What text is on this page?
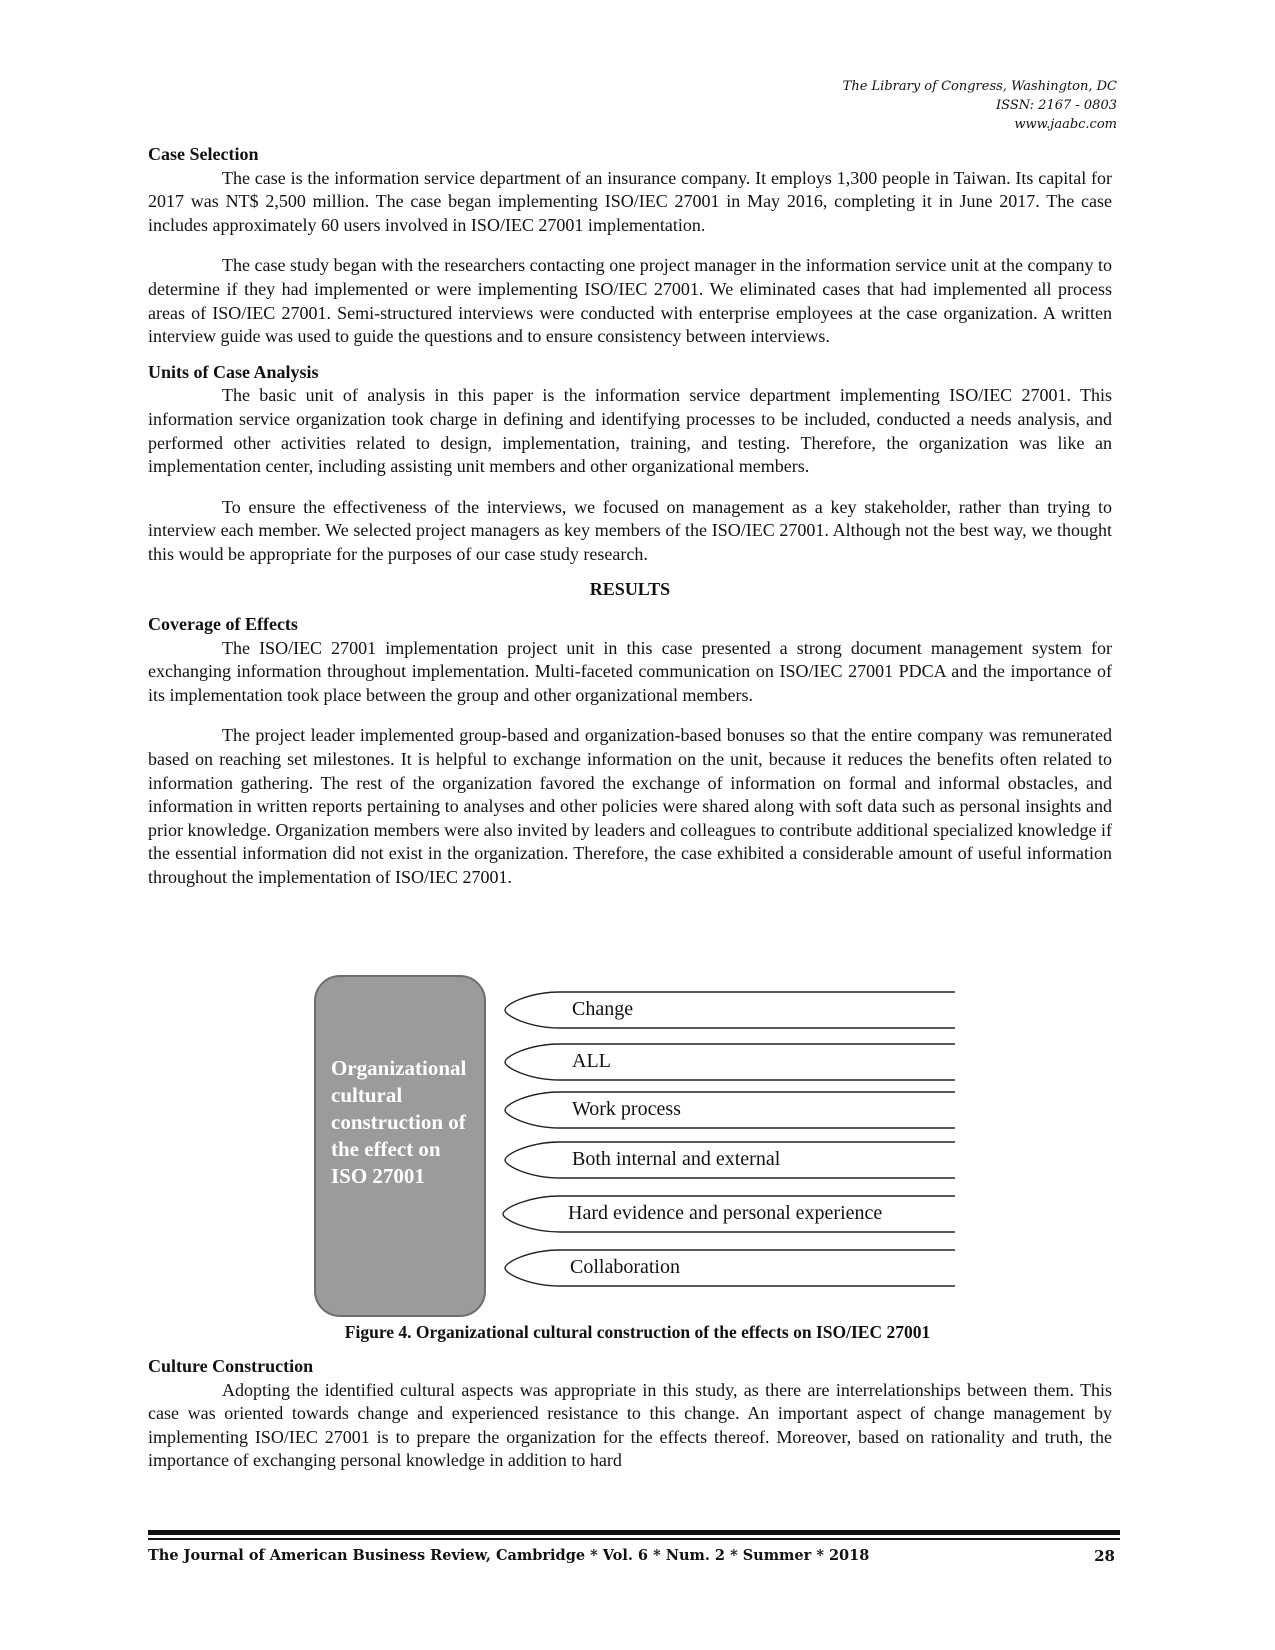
The Library of Congress, Washington, DC
ISSN: 2167 - 0803
www.jaabc.com

Case Selection

The case is the information service department of an insurance company. It employs 1,300 people in Taiwan. Its capital for 2017 was NT$ 2,500 million. The case began implementing ISO/IEC 27001 in May 2016, completing it in June 2017. The case includes approximately 60 users involved in ISO/IEC 27001 implementation.

The case study began with the researchers contacting one project manager in the information service unit at the company to determine if they had implemented or were implementing ISO/IEC 27001. We eliminated cases that had implemented all process areas of ISO/IEC 27001. Semi-structured interviews were conducted with enterprise employees at the case organization. A written interview guide was used to guide the questions and to ensure consistency between interviews.

Units of Case Analysis

The basic unit of analysis in this paper is the information service department implementing ISO/IEC 27001. This information service organization took charge in defining and identifying processes to be included, conducted a needs analysis, and performed other activities related to design, implementation, training, and testing. Therefore, the organization was like an implementation center, including assisting unit members and other organizational members.

To ensure the effectiveness of the interviews, we focused on management as a key stakeholder, rather than trying to interview each member. We selected project managers as key members of the ISO/IEC 27001. Although not the best way, we thought this would be appropriate for the purposes of our case study research.

RESULTS

Coverage of Effects

The ISO/IEC 27001 implementation project unit in this case presented a strong document management system for exchanging information throughout implementation. Multi-faceted communication on ISO/IEC 27001 PDCA and the importance of its implementation took place between the group and other organizational members.

The project leader implemented group-based and organization-based bonuses so that the entire company was remunerated based on reaching set milestones. It is helpful to exchange information on the unit, because it reduces the benefits often related to information gathering. The rest of the organization favored the exchange of information on formal and informal obstacles, and information in written reports pertaining to analyses and other policies were shared along with soft data such as personal insights and prior knowledge. Organization members were also invited by leaders and colleagues to contribute additional specialized knowledge if the essential information did not exist in the organization. Therefore, the case exhibited a considerable amount of useful information throughout the implementation of ISO/IEC 27001.

Organizational cultural construction of the effect on ISO 27001
Change
ALL
Work process
Both internal and external
Hard evidence and personal experience
Collaboration
Figure 4. Organizational cultural construction of the effects on ISO/IEC 27001

Culture Construction

Adopting the identified cultural aspects was appropriate in this study, as there are interrelationships between them. This case was oriented towards change and experienced resistance to this change. An important aspect of change management by implementing ISO/IEC 27001 is to prepare the organization for the effects thereof. Moreover, based on rationality and truth, the importance of exchanging personal knowledge in addition to hard

The Journal of American Business Review, Cambridge * Vol. 6 * Num. 2 * Summer * 2018	28
